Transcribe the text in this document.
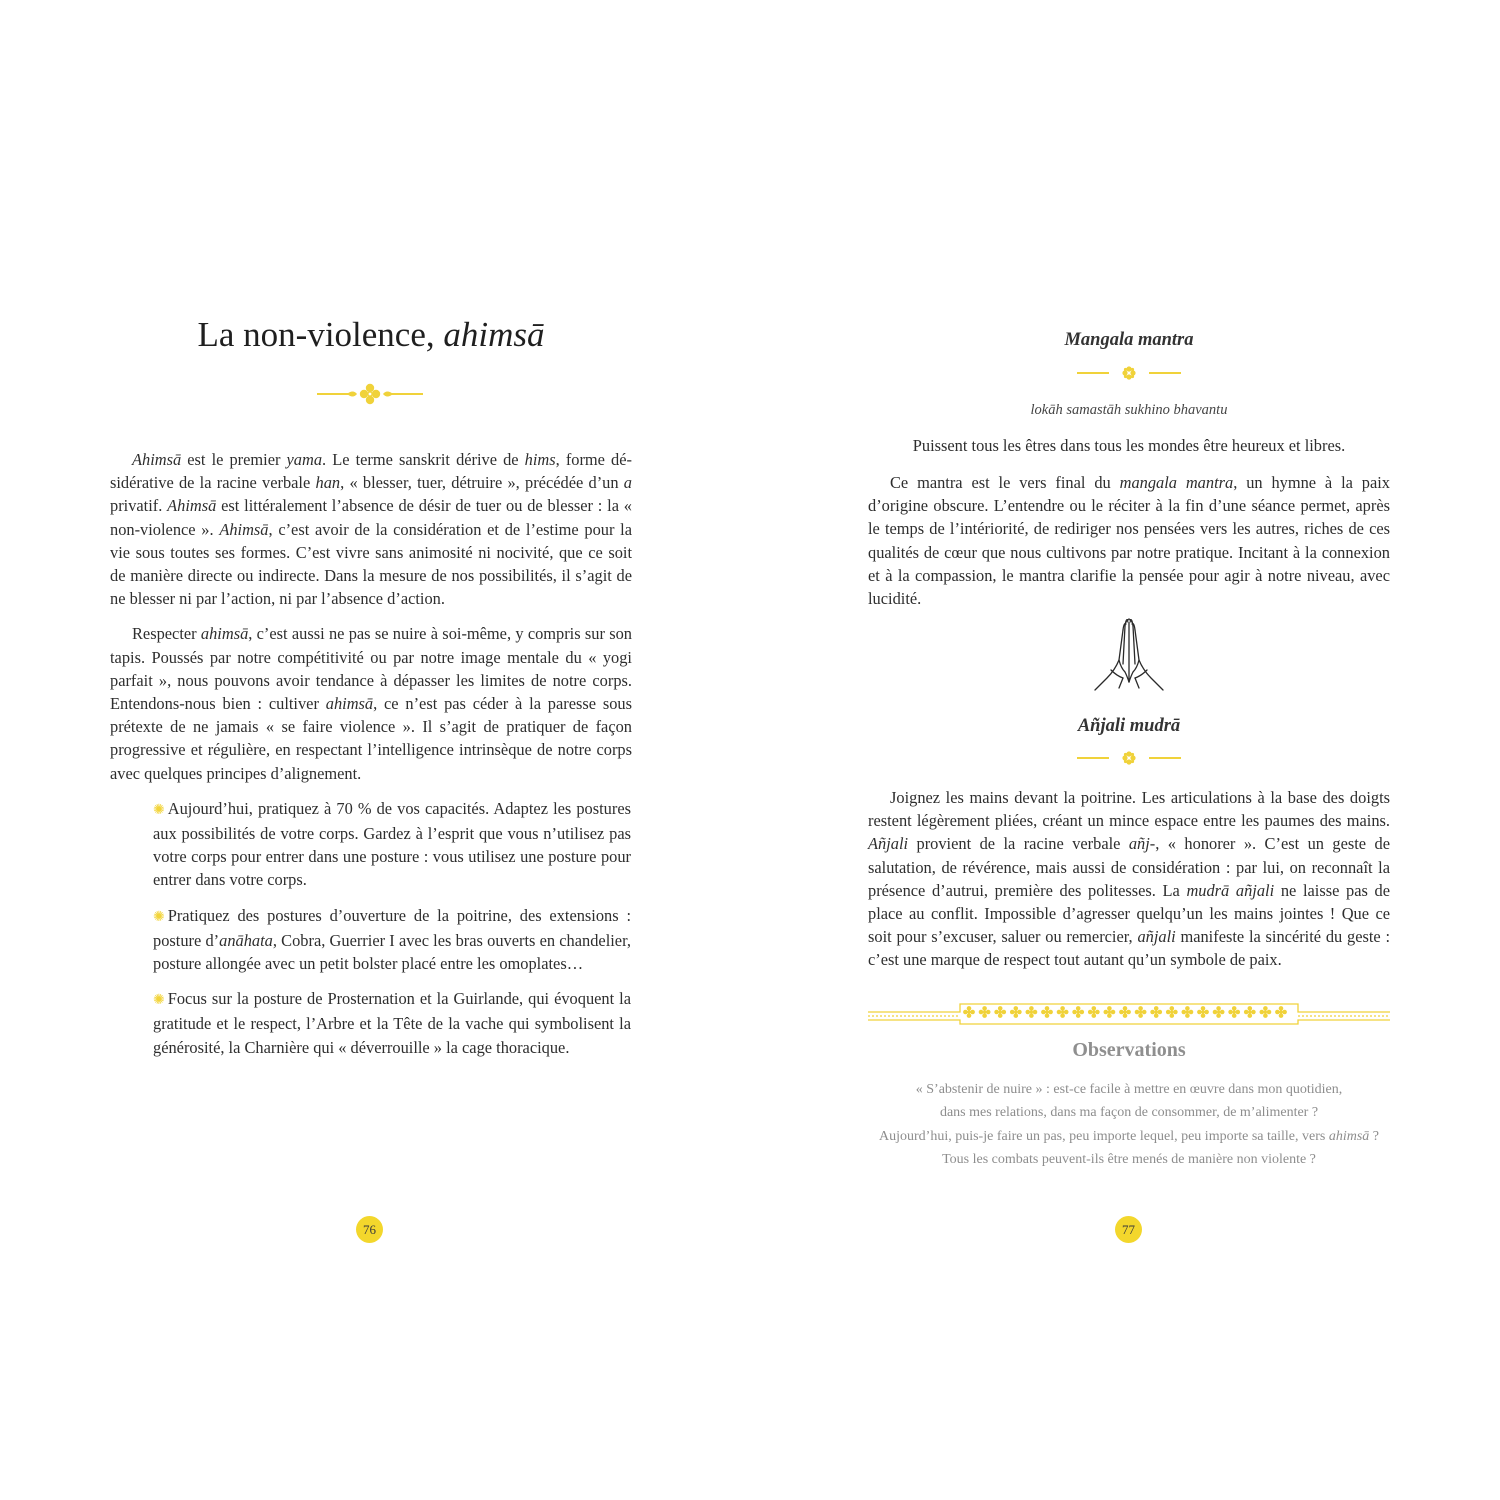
La non-violence, ahimsā

Ahimsā est le premier yama. Le terme sanskrit dérive de hims, forme désidérative de la racine verbale han, « blesser, tuer, détruire », précédée d’un a privatif. Ahimsā est littéralement l’absence de désir de tuer ou de blesser : la « non-violence ». Ahimsā, c’est avoir de la considération et de l’estime pour la vie sous toutes ses formes. C’est vivre sans animosité ni nocivité, que ce soit de manière directe ou indirecte. Dans la mesure de nos possibilités, il s’agit de ne blesser ni par l’action, ni par l’absence d’action.

Respecter ahimsā, c’est aussi ne pas se nuire à soi-même, y compris sur son tapis. Poussés par notre compétitivité ou par notre image mentale du « yogi parfait », nous pouvons avoir tendance à dépasser les limites de notre corps. Entendons-nous bien : cultiver ahimsā, ce n’est pas céder à la paresse sous prétexte de ne jamais « se faire violence ». Il s’agit de pratiquer de façon progressive et régulière, en respectant l’intelligence intrinsèque de notre corps avec quelques principes d’alignement.

✺ Aujourd’hui, pratiquez à 70 % de vos capacités. Adaptez les postures aux possibilités de votre corps. Gardez à l’esprit que vous n’utilisez pas votre corps pour entrer dans une posture : vous utilisez une posture pour entrer dans votre corps.
✺ Pratiquez des postures d’ouverture de la poitrine, des extensions : posture d’anāhata, Cobra, Guerrier I avec les bras ouverts en chandelier, posture allongée avec un petit bolster placé entre les omoplates…
✺ Focus sur la posture de Prosternation et la Guirlande, qui évoquent la gratitude et le respect, l’Arbre et la Tête de la vache qui symbolisent la générosité, la Charnière qui « déverrouille » la cage thoracique.
76
Mangala mantra
lokāh samastāh sukhino bhavantu
Puissent tous les êtres dans tous les mondes être heureux et libres.

Ce mantra est le vers final du mangala mantra, un hymne à la paix d’origine obscure. L’entendre ou le réciter à la fin d’une séance permet, après le temps de l’intériorité, de rediriger nos pensées vers les autres, riches de ces qualités de cœur que nous cultivons par notre pratique. Incitant à la connexion et à la compassion, le mantra clarifie la pensée pour agir à notre niveau, avec lucidité.

Añjali mudrā

Joignez les mains devant la poitrine. Les articulations à la base des doigts restent légèrement pliées, créant un mince espace entre les paumes des mains. Añjali provient de la racine verbale añj-, « honorer ». C’est un geste de salutation, de révérence, mais aussi de considération : par lui, on reconnaît la présence d’autrui, première des politesses. La mudrā añjali ne laisse pas de place au conflit. Impossible d’agresser quelqu’un les mains jointes ! Que ce soit pour s’excuser, saluer ou remercier, añjali manifeste la sincérité du geste : c’est une marque de respect tout autant qu’un symbole de paix.

Observations
« S’abstenir de nuire » : est-ce facile à mettre en œuvre dans mon quotidien,
dans mes relations, dans ma façon de consommer, de m’alimenter ?
Aujourd’hui, puis-je faire un pas, peu importe lequel, peu importe sa taille, vers ahimsā ?
Tous les combats peuvent-ils être menés de manière non violente ?
77
